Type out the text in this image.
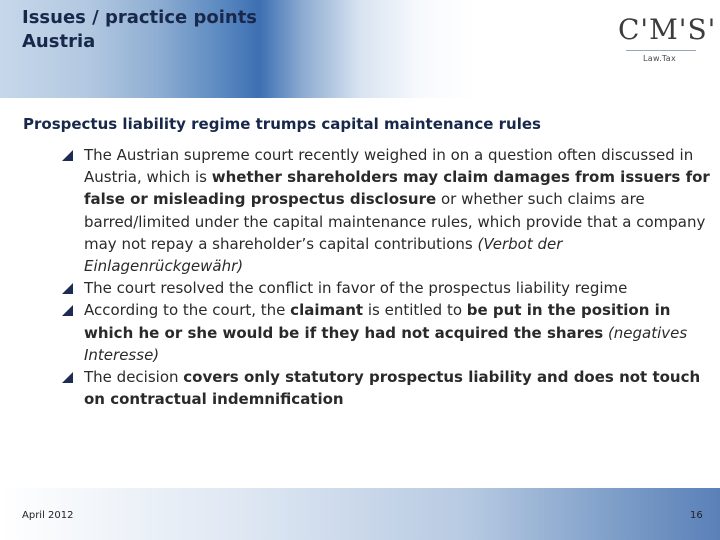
Issues / practice points
Austria	C'M'S'
Law.Tax
Prospectus liability regime trumps capital maintenance rules
The Austrian supreme court recently weighed in on a question often discussed in Austria, which is whether shareholders may claim damages from issuers for false or misleading prospectus disclosure or whether such claims are barred/limited under the capital maintenance rules, which provide that a company may not repay a shareholder’s capital contributions (Verbot der Einlagenrückgewähr)
The court resolved the conflict in favor of the prospectus liability regime
According to the court, the claimant is entitled to be put in the position in which he or she would be if they had not acquired the shares (negatives Interesse)
The decision covers only statutory prospectus liability and does not touch on contractual indemnification
April 2012	16
